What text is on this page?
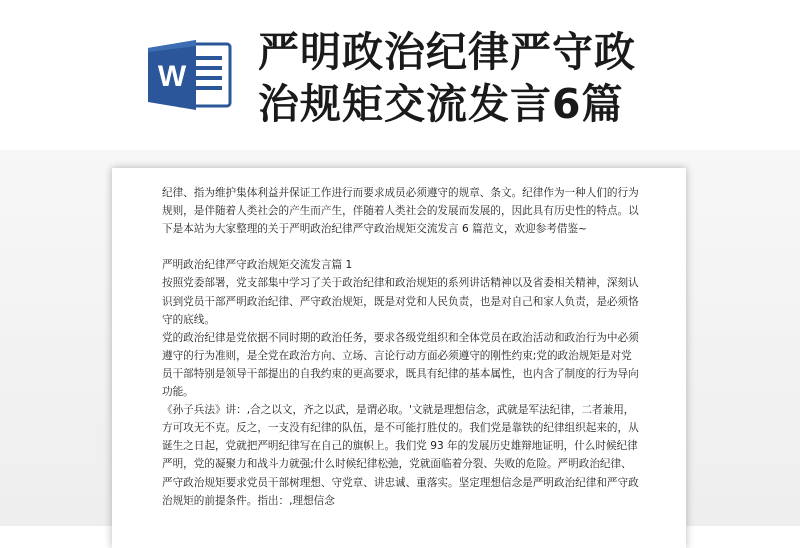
W
严明政治纪律严守政
治规矩交流发言6篇

纪律、指为维护集体利益并保证工作进行而要求成员必须遵守的规章、条文。纪律作为一种人们的行为规则，是伴随着人类社会的产生而产生，伴随着人类社会的发展而发展的，因此具有历史性的特点。以下是本站为大家整理的关于严明政治纪律严守政治规矩交流发言 6 篇范文，欢迎参考借鉴~

严明政治纪律严守政治规矩交流发言篇 1

按照党委部署，党支部集中学习了关于政治纪律和政治规矩的系列讲话精神以及省委相关精神，深刻认识到党员干部严明政治纪律、严守政治规矩，既是对党和人民负责，也是对自己和家人负责，是必须恪守的底线。

党的政治纪律是党依据不同时期的政治任务，要求各级党组织和全体党员在政治活动和政治行为中必须遵守的行为准则，是全党在政治方向、立场、言论行动方面必须遵守的刚性约束;党的政治规矩是对党员干部特别是领导干部提出的自我约束的更高要求，既具有纪律的基本属性，也内含了制度的行为导向功能。

《孙子兵法》讲：,合之以文，齐之以武，是谓必取。'文就是理想信念，武就是军法纪律，二者兼用，方可攻无不克。反之，一支没有纪律的队伍，是不可能打胜仗的。我们党是靠铁的纪律组织起来的，从诞生之日起，党就把严明纪律写在自己的旗帜上。我们党 93 年的发展历史雄辩地证明，什么时候纪律严明，党的凝聚力和战斗力就强;什么时候纪律松弛，党就面临着分裂、失败的危险。严明政治纪律、严守政治规矩要求党员干部树理想、守党章、讲忠诚、重落实。坚定理想信念是严明政治纪律和严守政治规矩的前提条件。指出：,理想信念
